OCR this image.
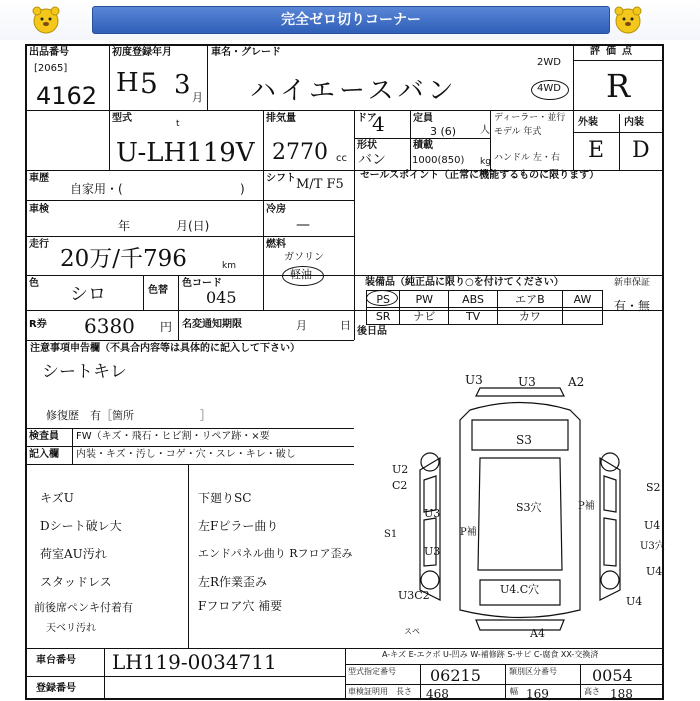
完全ゼロ切りコーナー
出品番号
[2065]
4162
初度登録年月
H 5 3 月
車名・グレード
ハイエースバン
2WD
4WD
評価点
R
型式	t
U-LH119V
排気量
2770 cc
ドア
4	定員
3 (6) 人
ディーラー・並行
モデル 年式
ハンドル 左・右
形状
バン
積載
1000(850) kg
外装	内装
E D
車歴
自家用・(	)
シフト M/T F5
セールスポイント（正常に機能するものに限ります）
車検
年	月(日)
冷房
—
走行
20万/千796	km
燃料
ガソリン
軽油
色
シロ	色替
色コード
045
R券 6380 円 名変通知期限	月	日
装備品（純正品に限り○を付けてください）	新車保証
PS	PW	ABS	エアB	AW
SR	ナビ	TV	カワ	
有・無
後日品
注意事項申告欄（不具合内容等は具体的に記入して下さい）
シートキレ
修復歴　有［箇所　　　　　　］
検査員 FW（キズ・飛石・ヒビ割・リペア跡・×要
記入欄 内装・キズ・汚し・コゲ・穴・スレ・キレ・破し
キズU
Dシート破レ大
荷室AU汚れ
スタッドレス
前後席ペンキ付着有
天ベリ汚れ
下廻りSC
左Fピラー曲り
エンドパネル曲り Rフロア歪み
左R作業歪み
Fフロア穴 補要
車台番号 LH119-0034711
登録番号
A-キズ E-エクボ U-凹み W-補修跡 S-サビ C-腐食 XX-交換済
型式指定番号 06215	類別区分番号 0054
車検証明用 長さ 468	幅 169	高さ 188
U3	U3	A2
S3
U2
C2
U3
S1
U3
S3穴
P補
P補
S2
U4
U3穴
U4
U3C2	U4.C穴
U4
A4
スペ
